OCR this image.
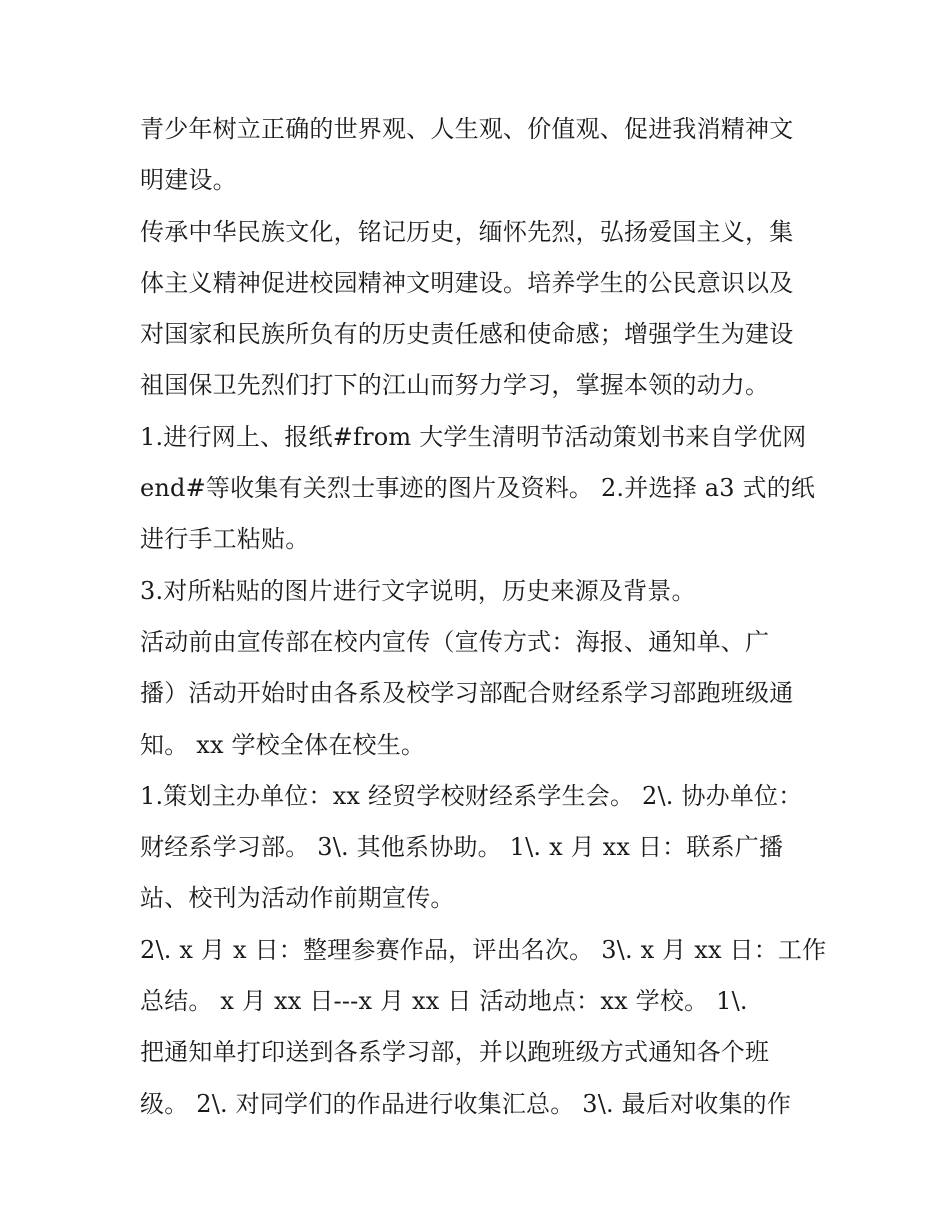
青少年树立正确的世界观、人生观、价值观、促进我消精神文
明建设。
传承中华民族文化，铭记历史，缅怀先烈，弘扬爱国主义，集
体主义精神促进校园精神文明建设。培养学生的公民意识以及
对国家和民族所负有的历史责任感和使命感；增强学生为建设
祖国保卫先烈们打下的江山而努力学习，掌握本领的动力。
1.进行网上、报纸#from 大学生清明节活动策划书来自学优网
end#等收集有关烈士事迹的图片及资料。 2.并选择 a3 式的纸
进行手工粘贴。
3.对所粘贴的图片进行文字说明，历史来源及背景。
活动前由宣传部在校内宣传（宣传方式：海报、通知单、广
播）活动开始时由各系及校学习部配合财经系学习部跑班级通
知。 xx 学校全体在校生。
1.策划主办单位：xx 经贸学校财经系学生会。 2\. 协办单位：
财经系学习部。 3\. 其他系协助。 1\. x 月 xx 日：联系广播
站、校刊为活动作前期宣传。
2\. x 月 x 日：整理参赛作品，评出名次。 3\. x 月 xx 日：工作
总结。 x 月 xx 日---x 月 xx 日 活动地点：xx 学校。 1\.
把通知单打印送到各系学习部，并以跑班级方式通知各个班
级。 2\. 对同学们的作品进行收集汇总。 3\. 最后对收集的作
